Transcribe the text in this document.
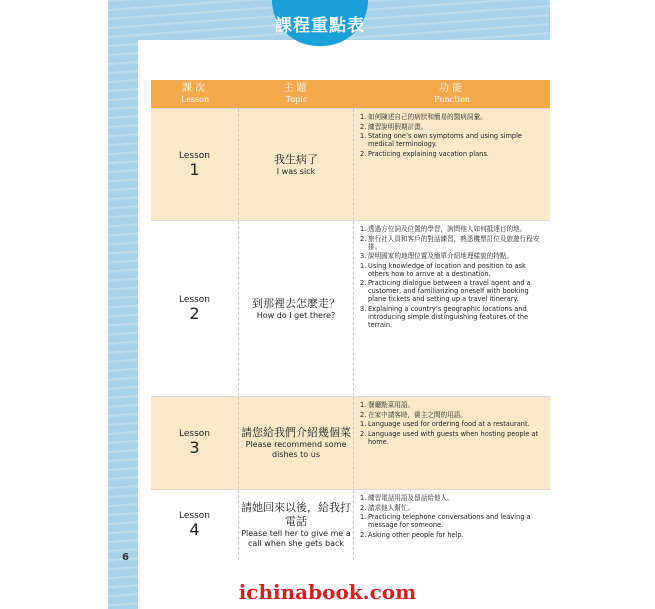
課程重點表
課次
Lesson
主題
Topic
功能
Function
Lesson
1
我生病了
I was sick
1. 如何陳述自己的病狀和簡易的醫病詞彙。
2. 練習說明假期計畫。
1. Stating one’s own symptoms and using simple medical terminology.
2. Practicing explaining vacation plans.
Lesson
2
到那裡去怎麼走？
How do I get there?
1. 透過方位詞及位置的學習，詢問他人如何抵達目的地。
2. 旅行社人員和客戶的對話練習，熟悉機票訂位及旅遊行程安排。
3. 說明國家的地理位置及簡單介紹地理樣貌的特點。
1. Using knowledge of location and position to ask others how to arrive at a destination.
2. Practicing dialogue between a travel agent and a customer, and familiarizing oneself with booking plane tickets and setting up a travel itinerary.
3. Explaining a country’s geographic locations and introducing simple distinguishing features of the terrain.
Lesson
3
請您給我們介紹幾個菜
Please recommend some dishes to us
1. 餐廳點菜用語。
2. 在家中請客時，賓主之間的用語。
1. Language used for ordering food at a restaurant.
2. Language used with guests when hosting people at home.
Lesson
4
請她回來以後，給我打電話
Please tell her to give me a call when she gets back
1. 練習電話用語及留話給他人。
2. 請求他人幫忙。
1. Practicing telephone conversations and leaving a message for someone.
2. Asking other people for help.
6
ichinabook.com
